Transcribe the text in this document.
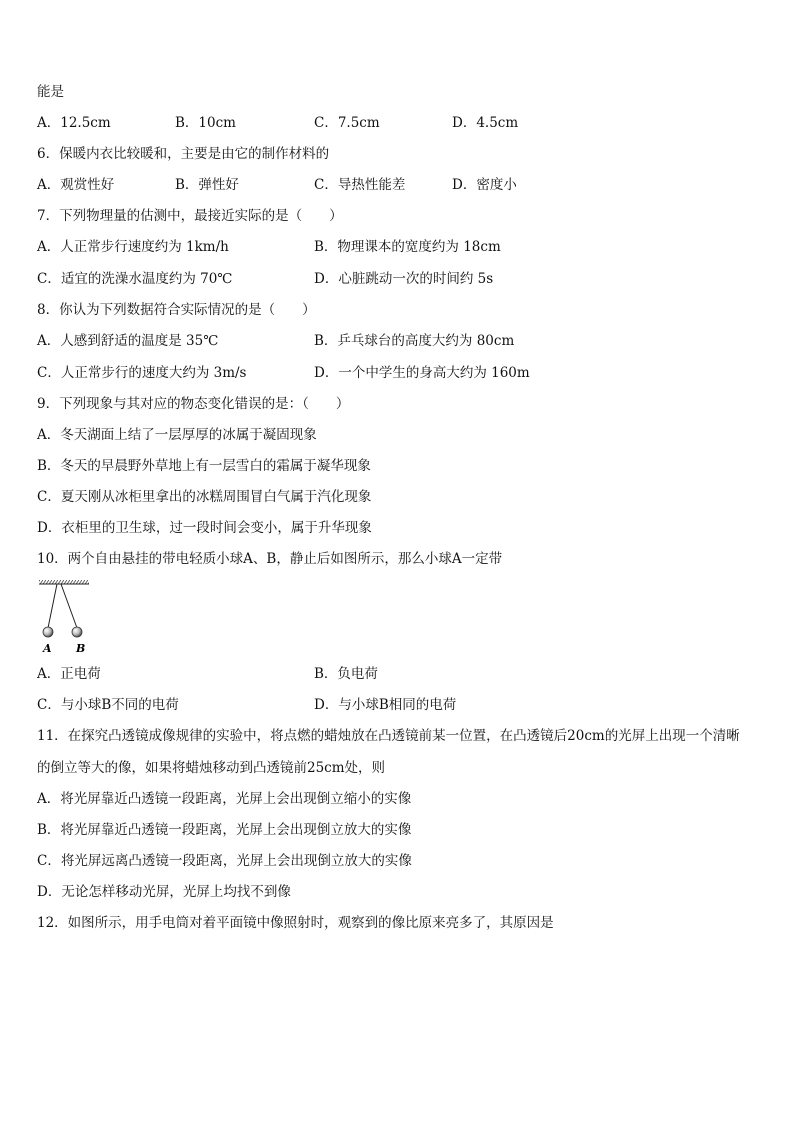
能是
A．12.5cm	B．10cm	C．7.5cm	D．4.5cm
6．保暖内衣比较暖和，主要是由它的制作材料的
A．观赏性好	B．弹性好	C．导热性能差	D．密度小
7．下列物理量的估测中，最接近实际的是（　　）
A．人正常步行速度约为 1km/h	B．物理课本的宽度约为 18cm
C．适宜的洗澡水温度约为 70℃	D．心脏跳动一次的时间约 5s
8．你认为下列数据符合实际情况的是（　　）
A．人感到舒适的温度是 35℃	B．乒乓球台的高度大约为 80cm
C．人正常步行的速度大约为 3m/s	D．一个中学生的身高大约为 160m
9．下列现象与其对应的物态变化错误的是：（　　）
A．冬天湖面上结了一层厚厚的冰属于凝固现象
B．冬天的早晨野外草地上有一层雪白的霜属于凝华现象
C．夏天刚从冰柜里拿出的冰糕周围冒白气属于汽化现象
D．衣柜里的卫生球，过一段时间会变小，属于升华现象
10．两个自由悬挂的带电轻质小球A、B，静止后如图所示，那么小球A一定带
A B
A．正电荷	B．负电荷
C．与小球B不同的电荷	D．与小球B相同的电荷
11．在探究凸透镜成像规律的实验中，将点燃的蜡烛放在凸透镜前某一位置，在凸透镜后20cm的光屏上出现一个清晰
的倒立等大的像，如果将蜡烛移动到凸透镜前25cm处，则
A．将光屏靠近凸透镜一段距离，光屏上会出现倒立缩小的实像
B．将光屏靠近凸透镜一段距离，光屏上会出现倒立放大的实像
C．将光屏远离凸透镜一段距离，光屏上会出现倒立放大的实像
D．无论怎样移动光屏，光屏上均找不到像
12．如图所示，用手电筒对着平面镜中像照射时，观察到的像比原来亮多了，其原因是
